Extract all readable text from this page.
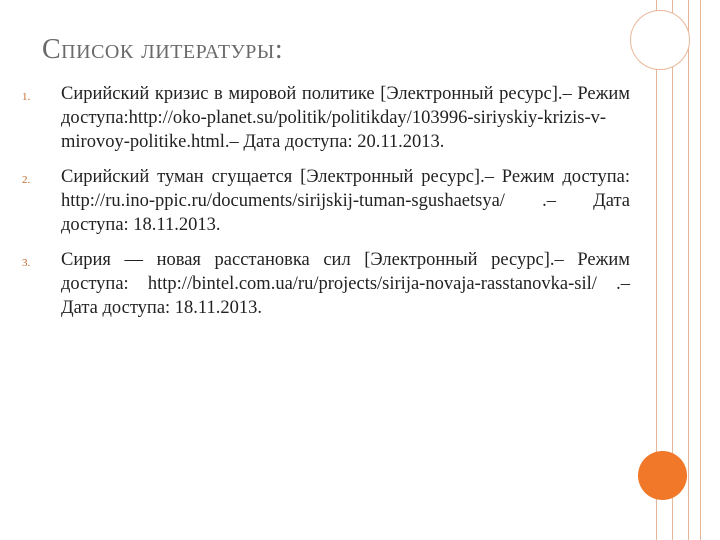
Список литературы:
1. Сирийский кризис в мировой политике [Электронный ресурс].– Режим доступа:http://oko-planet.su/politik/politikday/103996-siriyskiy-krizis-v-mirovoy-politike.html.– Дата доступа: 20.11.2013.
2. Сирийский туман сгущается [Электронный ресурс].– Режим доступа: http://ru.ino-ppic.ru/documents/sirijskij-tuman-sgushaetsya/ .– Дата доступа: 18.11.2013.
3. Сирия — новая расстановка сил [Электронный ресурс].– Режим доступа: http://bintel.com.ua/ru/projects/sirija-novaja-rasstanovka-sil/ .– Дата доступа: 18.11.2013.
